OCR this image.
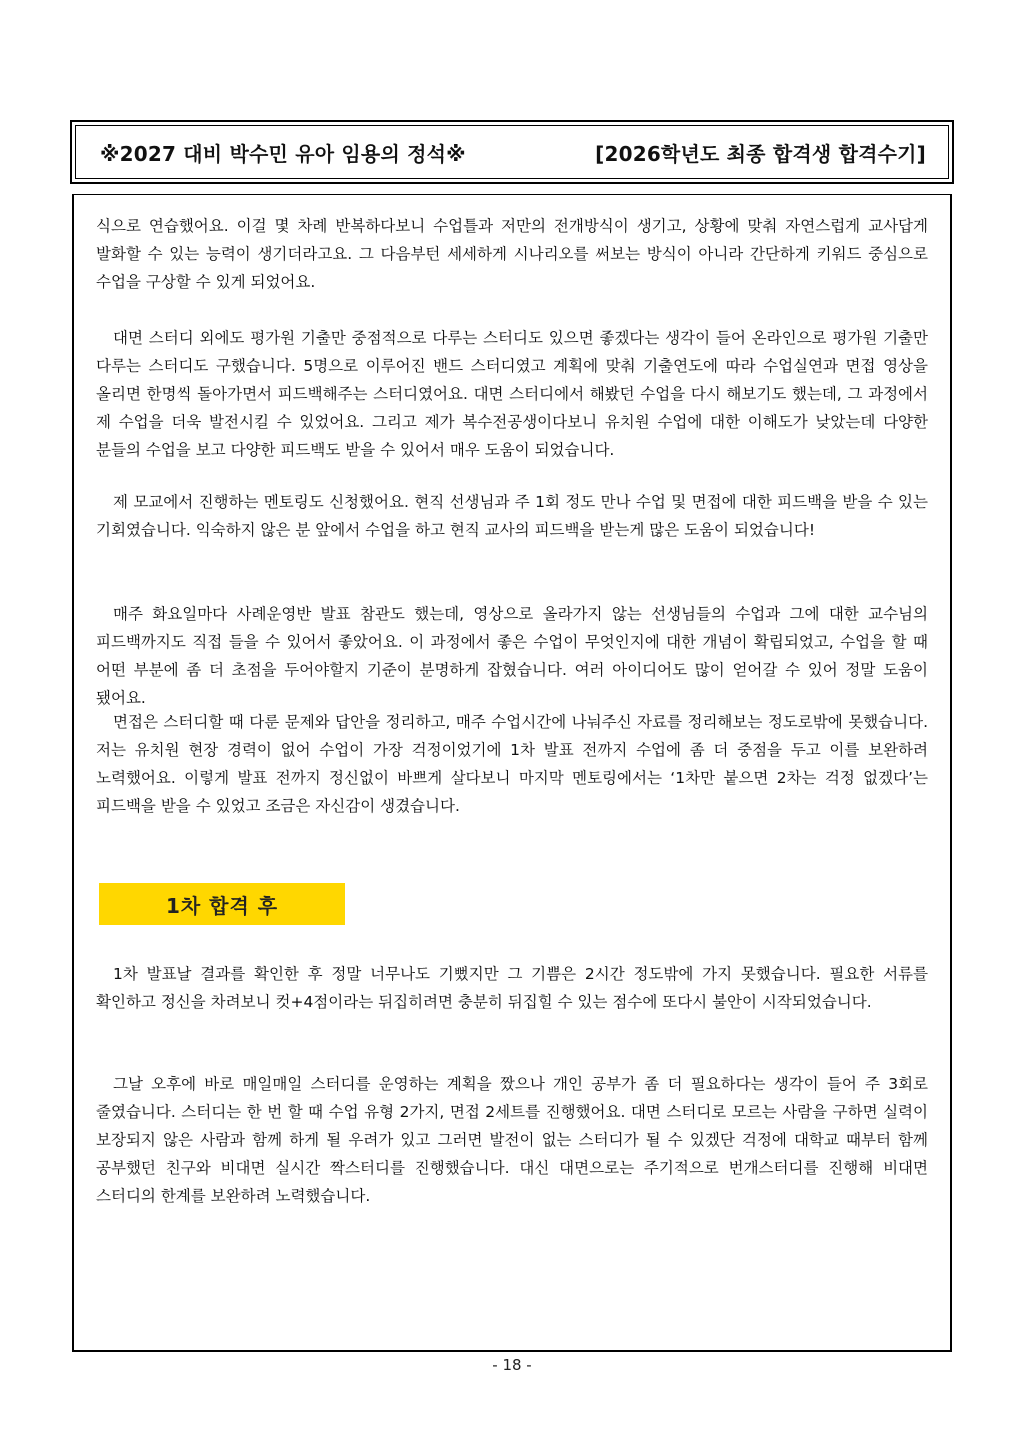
※2027 대비 박수민 유아 임용의 정석※	[2026학년도 최종 합격생 합격수기]

식으로 연습했어요. 이걸 몇 차례 반복하다보니 수업틀과 저만의 전개방식이 생기고, 상황에 맞춰 자연스럽게 교사답게 발화할 수 있는 능력이 생기더라고요. 그 다음부턴 세세하게 시나리오를 써보는 방식이 아니라 간단하게 키워드 중심으로 수업을 구상할 수 있게 되었어요.

대면 스터디 외에도 평가원 기출만 중점적으로 다루는 스터디도 있으면 좋겠다는 생각이 들어 온라인으로 평가원 기출만 다루는 스터디도 구했습니다. 5명으로 이루어진 밴드 스터디였고 계획에 맞춰 기출연도에 따라 수업실연과 면접 영상을 올리면 한명씩 돌아가면서 피드백해주는 스터디였어요. 대면 스터디에서 해봤던 수업을 다시 해보기도 했는데, 그 과정에서 제 수업을 더욱 발전시킬 수 있었어요. 그리고 제가 복수전공생이다보니 유치원 수업에 대한 이해도가 낮았는데 다양한 분들의 수업을 보고 다양한 피드백도 받을 수 있어서 매우 도움이 되었습니다.

제 모교에서 진행하는 멘토링도 신청했어요. 현직 선생님과 주 1회 정도 만나 수업 및 면접에 대한 피드백을 받을 수 있는 기회였습니다. 익숙하지 않은 분 앞에서 수업을 하고 현직 교사의 피드백을 받는게 많은 도움이 되었습니다!

매주 화요일마다 사례운영반 발표 참관도 했는데, 영상으로 올라가지 않는 선생님들의 수업과 그에 대한 교수님의 피드백까지도 직접 들을 수 있어서 좋았어요. 이 과정에서 좋은 수업이 무엇인지에 대한 개념이 확립되었고, 수업을 할 때 어떤 부분에 좀 더 초점을 두어야할지 기준이 분명하게 잡혔습니다. 여러 아이디어도 많이 얻어갈 수 있어 정말 도움이 됐어요.

면접은 스터디할 때 다룬 문제와 답안을 정리하고, 매주 수업시간에 나눠주신 자료를 정리해보는 정도로밖에 못했습니다. 저는 유치원 현장 경력이 없어 수업이 가장 걱정이었기에 1차 발표 전까지 수업에 좀 더 중점을 두고 이를 보완하려 노력했어요. 이렇게 발표 전까지 정신없이 바쁘게 살다보니 마지막 멘토링에서는 ‘1차만 붙으면 2차는 걱정 없겠다’는 피드백을 받을 수 있었고 조금은 자신감이 생겼습니다.

1차 합격 후

1차 발표날 결과를 확인한 후 정말 너무나도 기뻤지만 그 기쁨은 2시간 정도밖에 가지 못했습니다. 필요한 서류를 확인하고 정신을 차려보니 컷+4점이라는 뒤집히려면 충분히 뒤집힐 수 있는 점수에 또다시 불안이 시작되었습니다.

그날 오후에 바로 매일매일 스터디를 운영하는 계획을 짰으나 개인 공부가 좀 더 필요하다는 생각이 들어 주 3회로 줄였습니다. 스터디는 한 번 할 때 수업 유형 2가지, 면접 2세트를 진행했어요. 대면 스터디로 모르는 사람을 구하면 실력이 보장되지 않은 사람과 함께 하게 될 우려가 있고 그러면 발전이 없는 스터디가 될 수 있겠단 걱정에 대학교 때부터 함께 공부했던 친구와 비대면 실시간 짝스터디를 진행했습니다. 대신 대면으로는 주기적으로 번개스터디를 진행해 비대면 스터디의 한계를 보완하려 노력했습니다.

- 18 -
